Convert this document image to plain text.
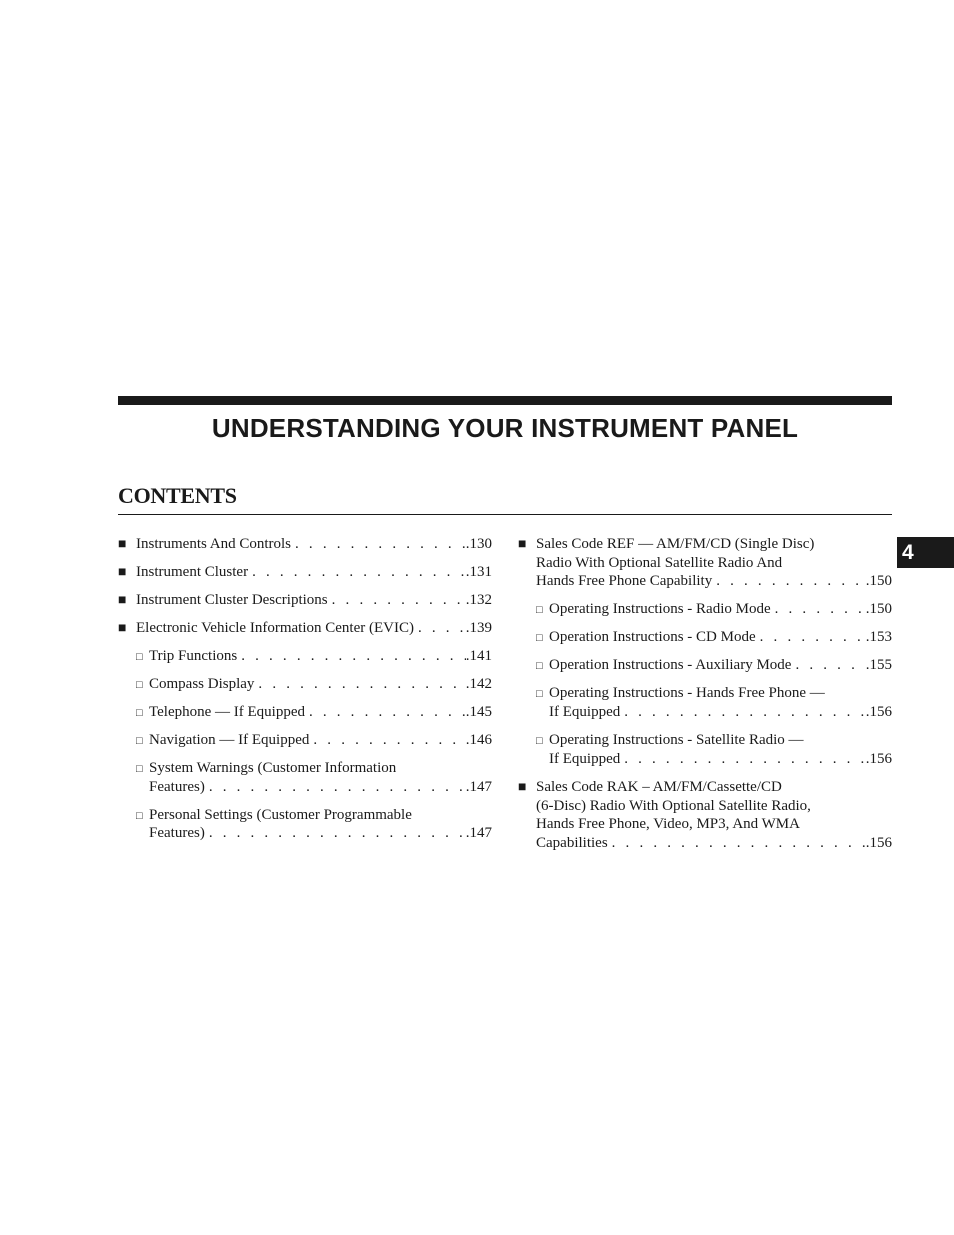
UNDERSTANDING YOUR INSTRUMENT PANEL
CONTENTS
■ Instruments And Controls . . .	.130
■ Instrument Cluster . . .	.131
■ Instrument Cluster Descriptions . . .	.132
■ Electronic Vehicle Information Center (EVIC) . . .	.139
□ Trip Functions . . .	.141
□ Compass Display . . .	.142
□ Telephone — If Equipped . . .	.145
□ Navigation — If Equipped . . .	.146
□ System Warnings (Customer Information
Features) . . .	.147
□ Personal Settings (Customer Programmable
Features) . . .	.147
■ Sales Code REF — AM/FM/CD (Single Disc)
Radio With Optional Satellite Radio And
Hands Free Phone Capability . . .	.150
□ Operating Instructions - Radio Mode . . .	.150
□ Operation Instructions - CD Mode . . .	.153
□ Operation Instructions - Auxiliary Mode . . .	.155
□ Operating Instructions - Hands Free Phone —
If Equipped . . .	.156
□ Operating Instructions - Satellite Radio —
If Equipped . . .	.156
■ Sales Code RAK – AM/FM/Cassette/CD
(6-Disc) Radio With Optional Satellite Radio,
Hands Free Phone, Video, MP3, And WMA
Capabilities . . .	.156
4
